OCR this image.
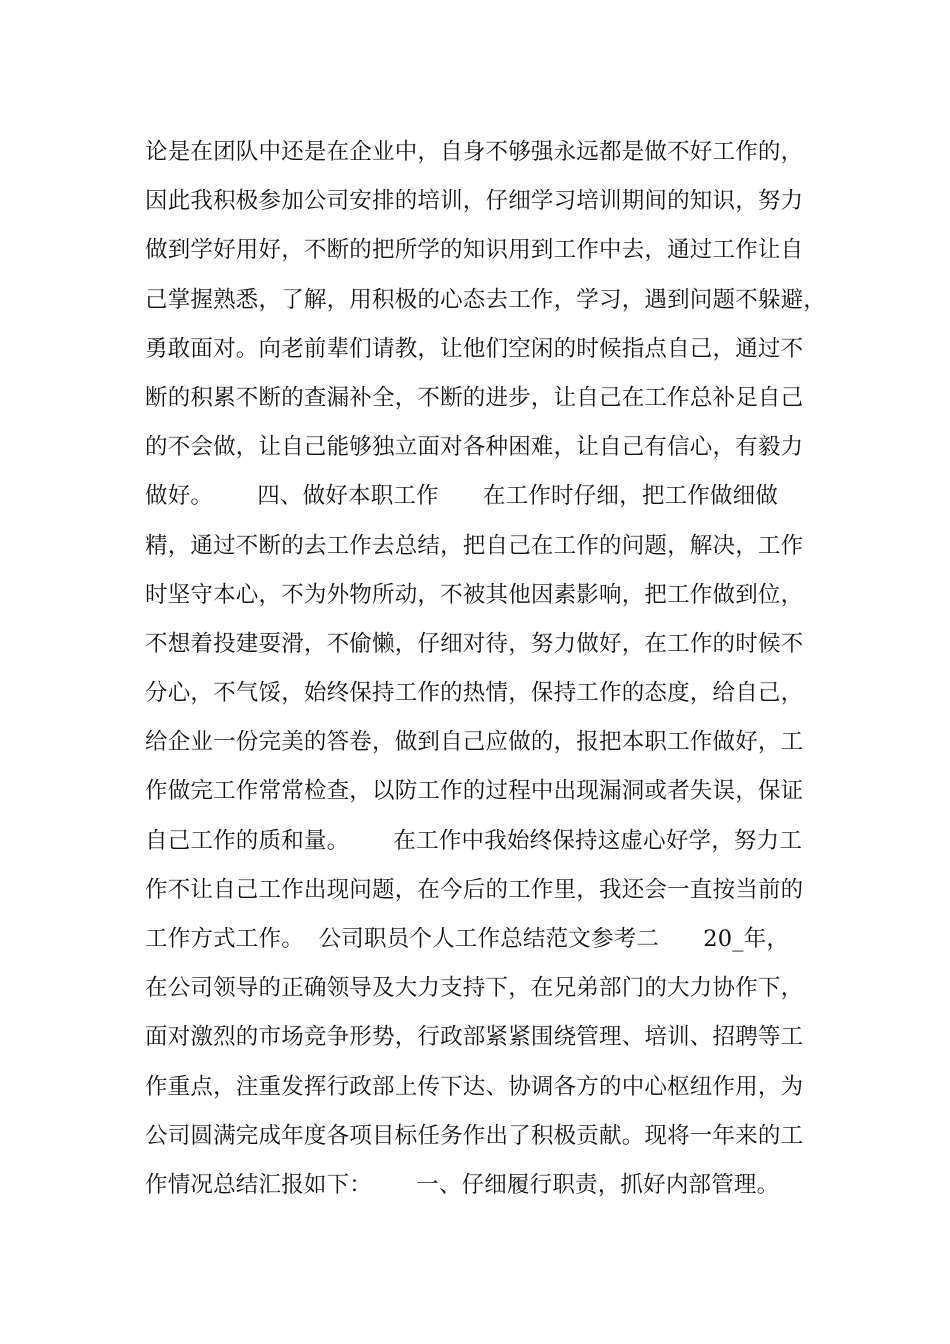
论是在团队中还是在企业中，自身不够强永远都是做不好工作的，
因此我积极参加公司安排的培训，仔细学习培训期间的知识，努力
做到学好用好，不断的把所学的知识用到工作中去，通过工作让自
己掌握熟悉，了解，用积极的心态去工作，学习，遇到问题不躲避，
勇敢面对。向老前辈们请教，让他们空闲的时候指点自己，通过不
断的积累不断的查漏补全，不断的进步，让自己在工作总补足自己
的不会做，让自己能够独立面对各种困难，让自己有信心，有毅力
做好。      四、做好本职工作      在工作时仔细，把工作做细做
精，通过不断的去工作去总结，把自己在工作的问题，解决，工作
时坚守本心，不为外物所动，不被其他因素影响，把工作做到位，
不想着投建耍滑，不偷懒，仔细对待，努力做好，在工作的时候不
分心，不气馁，始终保持工作的热情，保持工作的态度，给自己，
给企业一份完美的答卷，做到自己应做的，报把本职工作做好，工
作做完工作常常检查，以防工作的过程中出现漏洞或者失误，保证
自己工作的质和量。      在工作中我始终保持这虚心好学，努力工
作不让自己工作出现问题，在今后的工作里，我还会一直按当前的
工作方式工作。  公司职员个人工作总结范文参考二      20_年，
在公司领导的正确领导及大力支持下，在兄弟部门的大力协作下，
面对激烈的市场竞争形势，行政部紧紧围绕管理、培训、招聘等工
作重点，注重发挥行政部上传下达、协调各方的中心枢纽作用，为
公司圆满完成年度各项目标任务作出了积极贡献。现将一年来的工
作情况总结汇报如下：      一、仔细履行职责，抓好内部管理。
